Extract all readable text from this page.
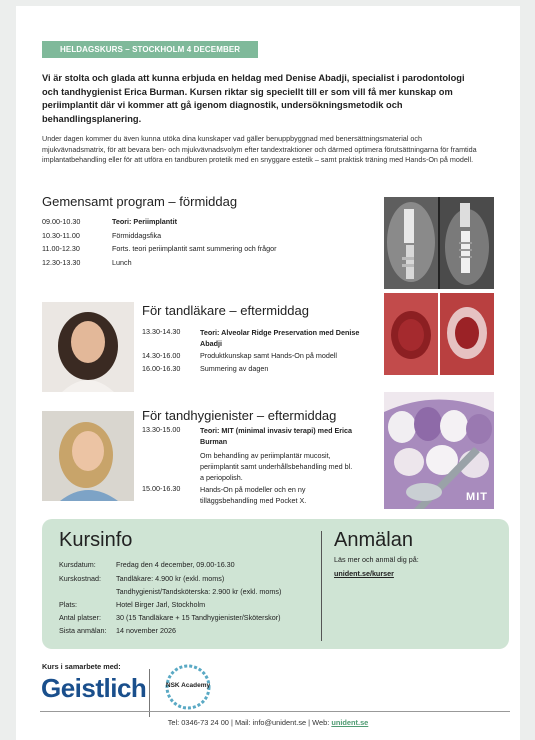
HELDAGSKURS – STOCKHOLM 4 DECEMBER

Vi är stolta och glada att kunna erbjuda en heldag med Denise Abadji, specialist i parodontologi och tandhygienist Erica Burman. Kursen riktar sig speciellt till er som vill få mer kunskap om periimplantit där vi kommer att gå igenom diagnostik, undersökningsmetodik och behandlingsplanering.

Under dagen kommer du även kunna utöka dina kunskaper vad gäller benuppbyggnad med benersättningsmaterial och mjukvävnadsmatrix, för att bevara ben- och mjukvävnadsvolym efter tandextraktioner och därmed optimera förutsättningarna för framtida implantatbehandling eller för att utföra en tandburen protetik med en snyggare estetik – samt praktisk träning med Hands-On på modell.

Gemensamt program – förmiddag
09.00-10.30	Teori: Periimplantit
10.30-11.00	Förmiddagsfika
11.00-12.30	Forts. teori periimplantit samt summering och frågor
12.30-13.30	Lunch
För tandläkare – eftermiddag
13.30-14.30	Teori: Alveolar Ridge Preservation med Denise Abadji
14.30-16.00	Produktkunskap samt Hands-On på modell
16.00-16.30	Summering av dagen
För tandhygienister – eftermiddag
13.30-15.00	Teori: MIT (minimal invasiv terapi) med Erica Burman
Om behandling av periimplantär mucosit, periimplantit samt underhållsbehandling med bl. a periopolish.
15.00-16.30	Hands-On på modeller och en ny tilläggsbehandling med Pocket X.	MIT
Kursinfo
Kursdatum:	Fredag den 4 december, 09.00-16.30
Kurskostnad: Tandläkare: 4.900 kr (exkl. moms)
Tandhygienist/Tandsköterska: 2.900 kr (exkl. moms)
Plats:	Hotel Birger Jarl, Stockholm
Antal platser: 30 (15 Tandläkare + 15 Tandhygienister/Sköterskor)
Sista anmälan: 14 november 2026
Anmälan
Läs mer och anmäl dig på:
unident.se/kurser
Kurs i samarbete med:
Geistlich	NSK Academy
Tel: 0346-73 24 00 | Mail: info@unident.se | Web: unident.se
